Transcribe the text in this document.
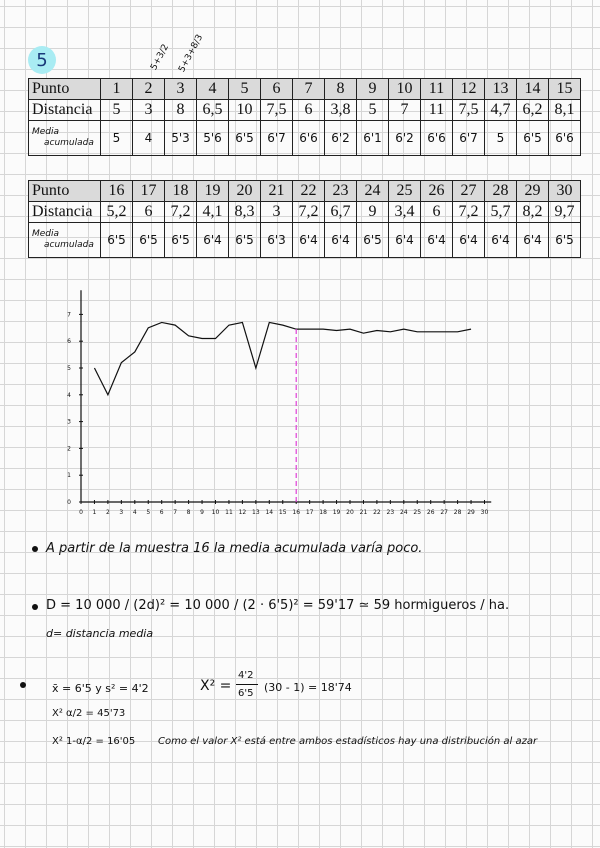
5	5+3/2 5+3+8/3
Punto	1	2	3	4	5	6	7	8	9	10	11	12	13	14	15
Distancia	5	3	8	6,5	10	7,5	6	3,8	5	7	11	7,5	4,7	6,2	8,1
Media
acumulada	5	4	5'3	5'6	6'5	6'7	6'6	6'2	6'1	6'2	6'6	6'7	5	6'5	6'6
Punto	16	17	18	19	20	21	22	23	24	25	26	27	28	29	30
Distancia	5,2	6	7,2	4,1	8,3	3	7,2	6,7	9	3,4	6	7,2	5,7	8,2	9,7
Media
acumulada	6'5	6'5	6'5	6'4	6'5	6'3	6'4	6'4	6'5	6'4	6'4	6'4	6'4	6'4	6'5
0 1 2 3 4 5 6 7 8 9 10 11 12 13 14 15 16 17 18 19 20 21 22 23 24 25 26 27 28 29 30
0
1
2
3
4
5
6
7
A partir de la muestra 16 la media acumulada varía poco.
D = 10 000 / (2d)² = 10 000 / (2 · 6'5)² = 59'17 ≃ 59 hormigueros / ha.
d= distancia media
x̄ = 6'5 y s² = 4'2	X² =
4'2
6'5 (30 - 1) = 18'74
X² α/2 = 45'73
X² 1-α/2 = 16'05 Como el valor X² está entre ambos estadísticos hay una distribución al azar
